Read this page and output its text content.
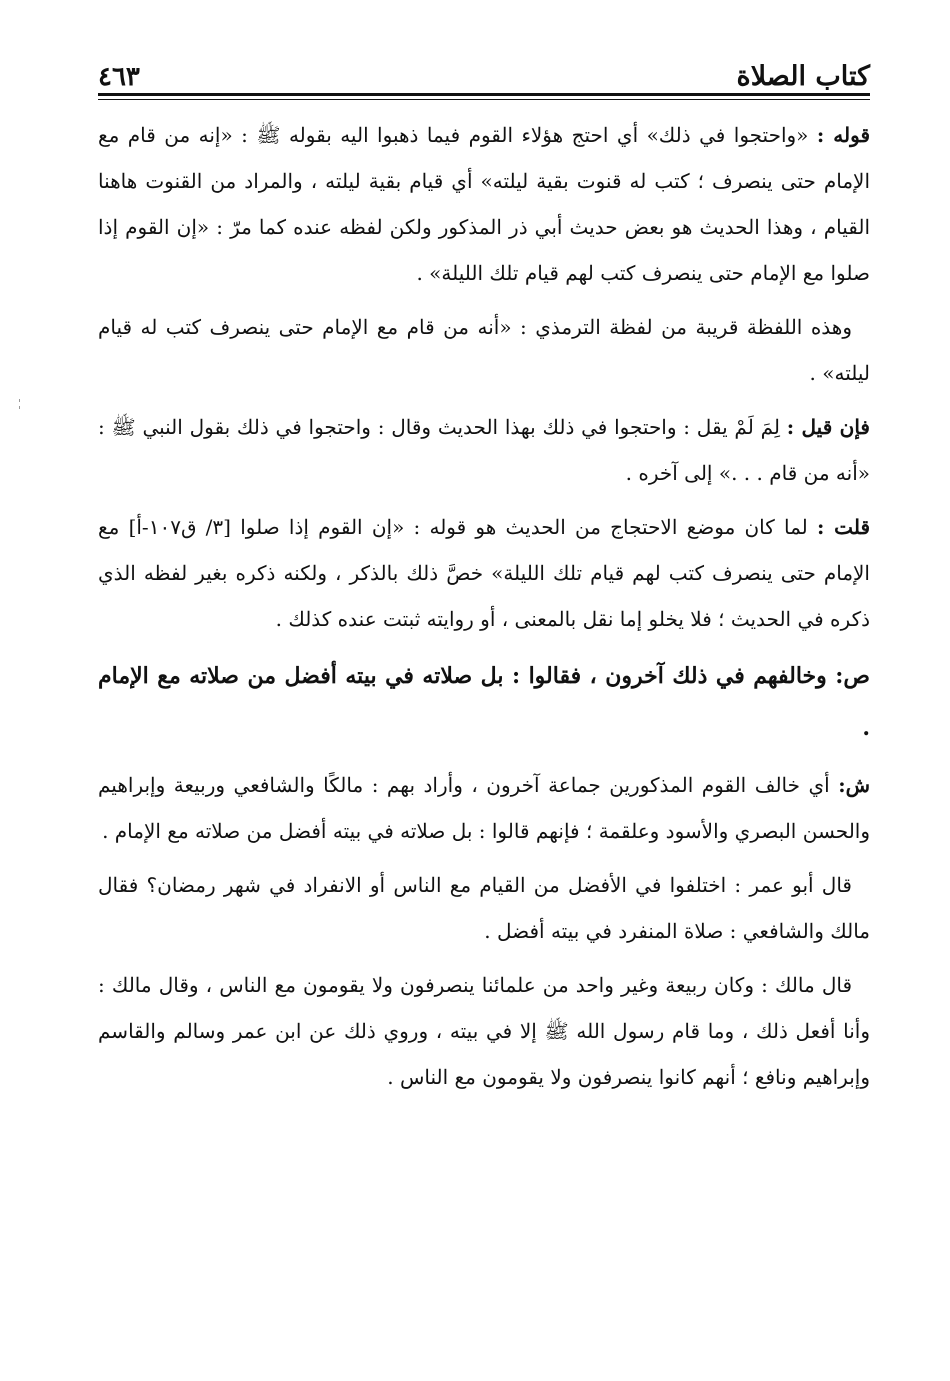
كتاب الصلاة
٤٦٣

قوله : «واحتجوا في ذلك» أي احتج هؤلاء القوم فيما ذهبوا اليه بقوله ﷺ : «إنه من قام مع الإمام حتى ينصرف ؛ كتب له قنوت بقية ليلته» أي قيام بقية ليلته ، والمراد من القنوت هاهنا القيام ، وهذا الحديث هو بعض حديث أبي ذر المذكور ولكن لفظه عنده كما مرّ : «إن القوم إذا صلوا مع الإمام حتى ينصرف كتب لهم قيام تلك الليلة» .

وهذه اللفظة قريبة من لفظة الترمذي : «أنه من قام مع الإمام حتى ينصرف كتب له قيام ليلته» .

فإن قيل : لِمَ لَمْ يقل : واحتجوا في ذلك بهذا الحديث وقال : واحتجوا في ذلك بقول النبي ﷺ : «أنه من قام . . .» إلى آخره .

قلت : لما كان موضع الاحتجاج من الحديث هو قوله : «إن القوم إذا صلوا [٣/ ق١٠٧-أ] مع الإمام حتى ينصرف كتب لهم قيام تلك الليلة» خصَّ ذلك بالذكر ، ولكنه ذكره بغير لفظه الذي ذكره في الحديث ؛ فلا يخلو إما نقل بالمعنى ، أو روايته ثبتت عنده كذلك .

ص: وخالفهم في ذلك آخرون ، فقالوا : بل صلاته في بيته أفضل من صلاته مع الإمام .

ش: أي خالف القوم المذكورين جماعة آخرون ، وأراد بهم : مالكًا والشافعي وربيعة وإبراهيم والحسن البصري والأسود وعلقمة ؛ فإنهم قالوا : بل صلاته في بيته أفضل من صلاته مع الإمام .

قال أبو عمر : اختلفوا في الأفضل من القيام مع الناس أو الانفراد في شهر رمضان؟ فقال مالك والشافعي : صلاة المنفرد في بيته أفضل .

قال مالك : وكان ربيعة وغير واحد من علمائنا ينصرفون ولا يقومون مع الناس ، وقال مالك : وأنا أفعل ذلك ، وما قام رسول الله ﷺ إلا في بيته ، وروي ذلك عن ابن عمر وسالم والقاسم وإبراهيم ونافع ؛ أنهم كانوا ينصرفون ولا يقومون مع الناس .
